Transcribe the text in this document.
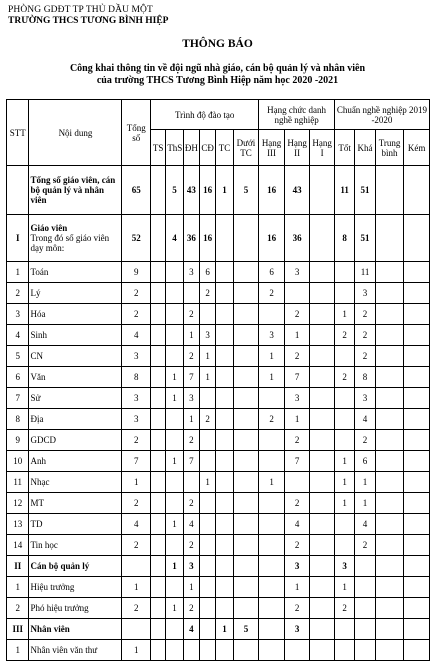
PHÒNG GDĐT TP THỦ DẦU MỘT
TRƯỜNG THCS TƯƠNG BÌNH HIỆP
THÔNG BÁO
Công khai thông tin về đội ngũ nhà giáo, cán bộ quản lý và nhân viên
của trường THCS Tương Bình Hiệp năm học 2020 -2021
STT	Nội dung	Tổng số	Trình độ đào tạo						Hạng chức danh nghề nghiệp			Chuẩn nghề nghiệp 2019 -2020			
			TS	ThS	ĐH	CĐ	TC	Dưới TC	Hạng III	Hạng II	Hạng I	Tốt	Khá	Trung bình	Kém
	Tổng số giáo viên, cán bộ quản lý và nhân viên	65		5	43	16	1	5	16	43		11	51		
I	Giáo viên
Trong đó số giáo viên dạy môn:	52		4	36	16			16	36		8	51		
1	Toán	9			3	6			6	3			11		
2	Lý	2				2			2				3		
3	Hóa	2			2					2		1	2		
4	Sinh	4			1	3			3	1		2	2		
5	CN	3			2	1			1	2			2		
6	Văn	8		1	7	1			1	7		2	8		
7	Sử	3		1	3					3			3		
8	Địa	3			1	2			2	1			4		
9	GDCD	2			2					2			2		
10	Anh	7		1	7					7		1	6		
11	Nhạc	1				1			1			1	1		
12	MT	2			2					2		1	1		
13	TD	4		1	4					4			4		
14	Tin học	2			2					2			2		
II	Cán bộ quản lý			1	3					3		3			
1	Hiệu trưởng	1			1					1		1			
2	Phó hiệu trưởng	2		1	2					2		2			
III	Nhân viên				4		1	5		3					
1	Nhân viên văn thư	1													
